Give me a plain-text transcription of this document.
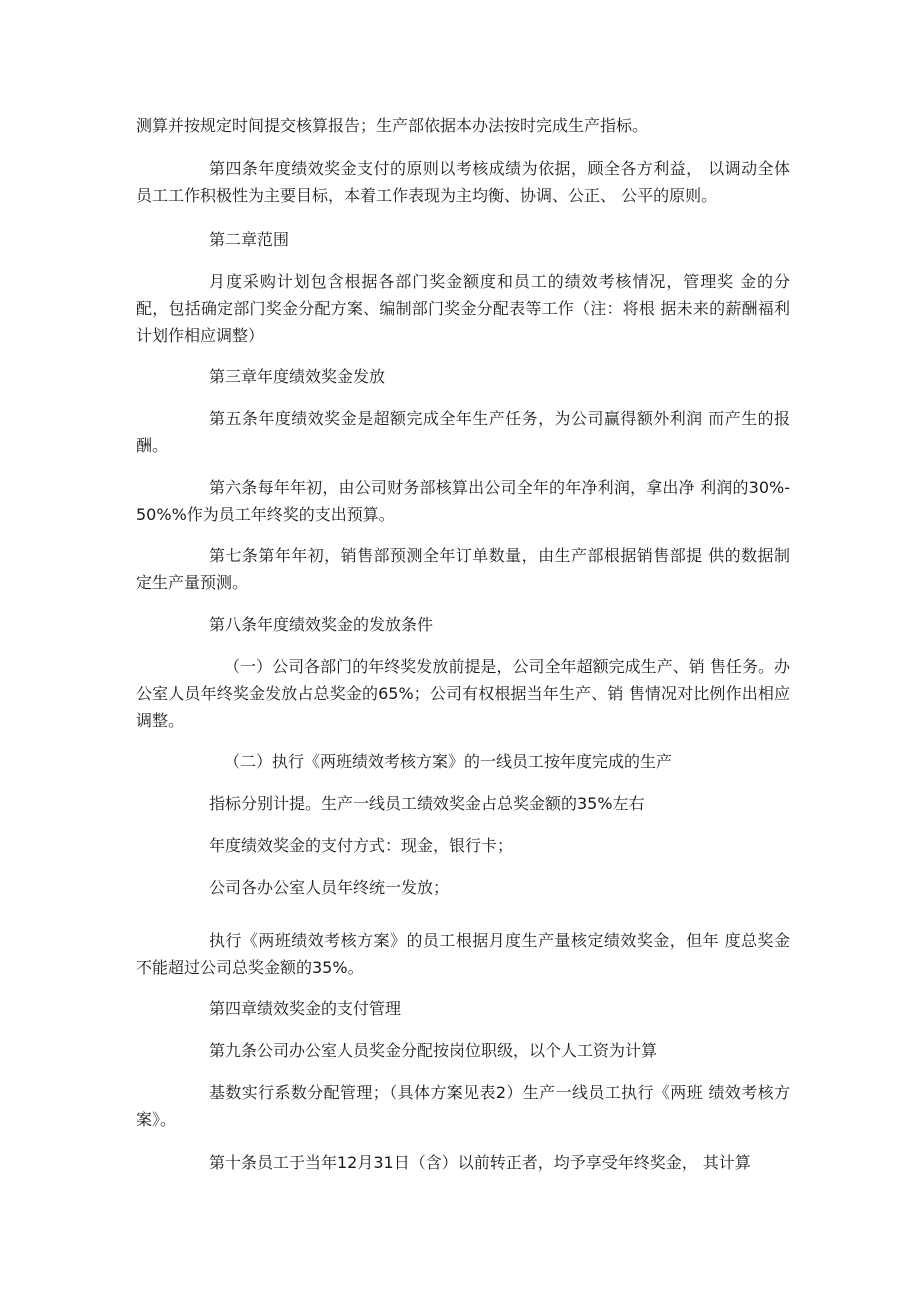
测算并按规定时间提交核算报告；生产部依据本办法按时完成生产指标。

第四条年度绩效奖金支付的原则以考核成绩为依据，顾全各方利益， 以调动全体员工工作积极性为主要目标，本着工作表现为主均衡、协调、公正、 公平的原则。

第二章范围

月度采购计划包含根据各部门奖金额度和员工的绩效考核情况，管理奖 金的分配，包括确定部门奖金分配方案、编制部门奖金分配表等工作（注：将根 据未来的薪酬福利计划作相应调整）

第三章年度绩效奖金发放

第五条年度绩效奖金是超额完成全年生产任务，为公司赢得额外利润 而产生的报酬。

第六条每年年初，由公司财务部核算出公司全年的年净利润，拿出净 利润的30%-50%%作为员工年终奖的支出预算。

第七条第年年初，销售部预测全年订单数量，由生产部根据销售部提 供的数据制定生产量预测。

第八条年度绩效奖金的发放条件

（一）公司各部门的年终奖发放前提是，公司全年超额完成生产、销 售任务。办公室人员年终奖金发放占总奖金的65%；公司有权根据当年生产、销 售情况对比例作出相应调整。

（二）执行《两班绩效考核方案》的一线员工按年度完成的生产

指标分别计提。生产一线员工绩效奖金占总奖金额的35%左右

年度绩效奖金的支付方式：现金，银行卡；

公司各办公室人员年终统一发放；

执行《两班绩效考核方案》的员工根据月度生产量核定绩效奖金，但年 度总奖金不能超过公司总奖金额的35%。

第四章绩效奖金的支付管理

第九条公司办公室人员奖金分配按岗位职级，以个人工资为计算

基数实行系数分配管理；（具体方案见表2）生产一线员工执行《两班 绩效考核方案》。

第十条员工于当年12月31日（含）以前转正者，均予享受年终奖金， 其计算
